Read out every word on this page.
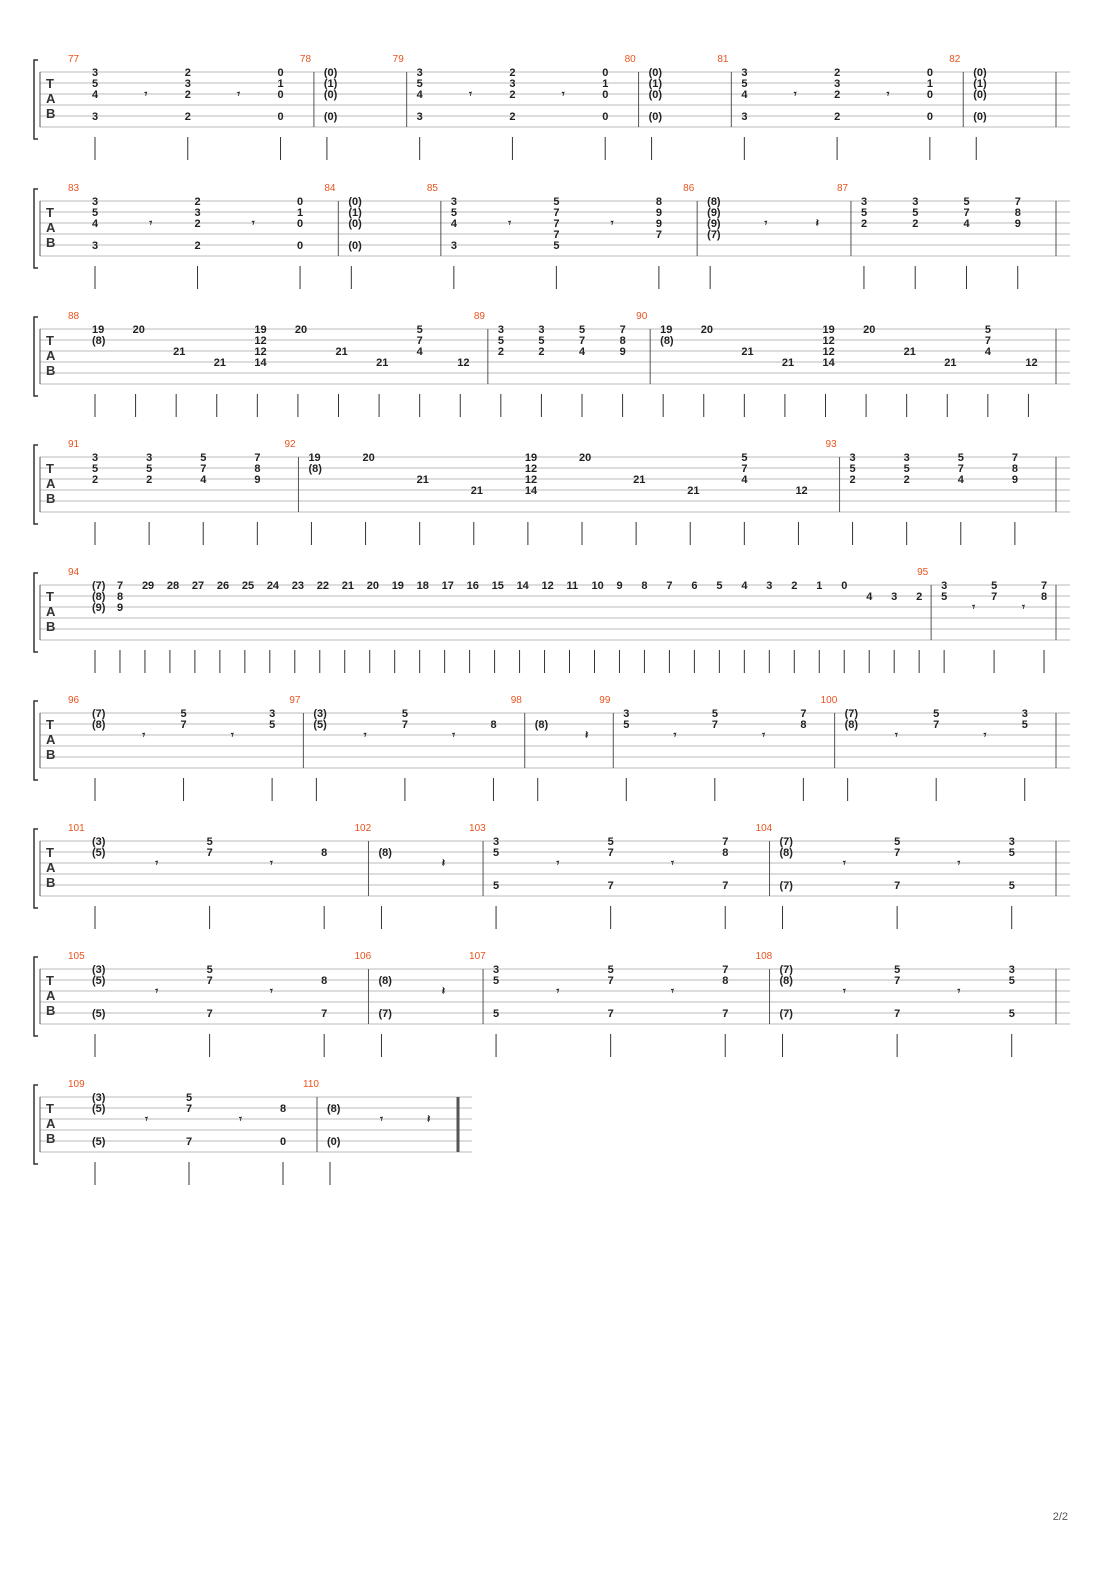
T
A
B
77
3
5
4
3
𝄾
2
3
2
2
𝄾
0
1
0
0
78
(0)
(1)
(0)
(0)
79
3
5
4
3
𝄾
2
3
2
2
𝄾
0
1
0
0
80
(0)
(1)
(0)
(0)
81
3
5
4
3
𝄾
2
3
2
2
𝄾
0
1
0
0
82
(0)
(1)
(0)
(0)
T
A
B
83
3
5
4
3
𝄾
2
3
2
2
𝄾
0
1
0
0
84
(0)
(1)
(0)
(0)
85
3
5
4
3
𝄾
5
7
7
7
5
𝄾
8
9
9
7
86
(8)
(9)
(9)
(7)
𝄾	𝄽
87
3
5
2
3
5
2
5
7
4
7
8
9
T
A
B
88
19
(8)
20
21
21
19
12
12
14
20
21
21
5
7
4
12
89
3
5
2
3
5
2
5
7
4
7
8
9
90
19
(8)
20
21
21
19
12
12
14
20
21
21
5
7
4
12
T
A
B
91
3
5
2
3
5
2
5
7
4
7
8
9
92
19
(8)
20
21
21
19
12
12
14
20
21
21
5
7
4
12
93
3
5
2
3
5
2
5
7
4
7
8
9
T
A
B
94
(7)
(8)
(9)
7
8
9
29 28 27 26 25 24 23 22 21 20 19 18 17 16 15 14 12 11 10 9 8 7 6 5 4 3 2 1 0
4 3 2
95
3
5
𝄾
5
7
𝄾
7
8
T
A
B
96
(7)
(8)
𝄾
5
7
𝄾
3
5
97
(3)
(5)
𝄾
5
7
𝄾
8
98
(8)
𝄽
99
3
5
𝄾
5
7
𝄾
7
8
100
(7)
(8)
𝄾
5
7
𝄾
3
5
T
A
B
101
(3)
(5)
𝄾
5
7
𝄾
8
102
(8)
𝄽
103
3
5
5
𝄾
5
7
7
𝄾
7
8
7
104
(7)
(8)
(7)
𝄾
5
7
7
𝄾
3
5
5
T
A
B
105
(3)
(5)
(5)
𝄾
5
7
7
𝄾
8
7
106
(8)
(7)
𝄽
107
3
5
5
𝄾
5
7
7
𝄾
7
8
7
108
(7)
(8)
(7)
𝄾
5
7
7
𝄾
3
5
5
T
A
B
109
(3)
(5)
(5)
𝄾
5
7
7
𝄾
8
0
110
(8)
(0)
𝄾	𝄽
2/2
